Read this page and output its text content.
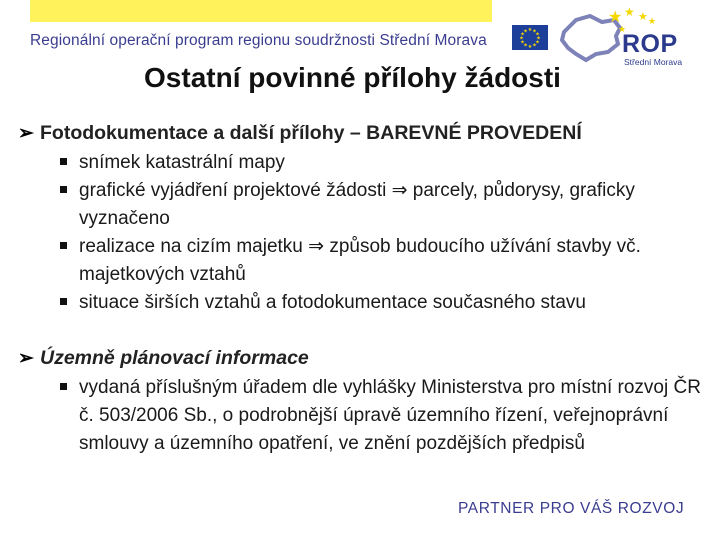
Regionální operační program regionu soudržnosti Střední Morava
★ ★
★
★
★
★
★
★
★
★
★
★
★ ★ ★ ★
★
ROP
Střední Morava
Ostatní povinné přílohy žádosti
➢ Fotodokumentace a další přílohy – BAREVNÉ PROVEDENÍ
snímek katastrální mapy
grafické vyjádření projektové žádosti ⇒ parcely, půdorysy, graficky vyznačeno
realizace na cizím majetku ⇒ způsob budoucího užívání stavby vč. majetkových vztahů
situace širších vztahů a fotodokumentace současného stavu
➢ Územně plánovací informace
vydaná příslušným úřadem dle vyhlášky Ministerstva pro místní rozvoj ČR č. 503/2006 Sb., o podrobnější úpravě územního řízení, veřejnoprávní smlouvy a územního opatření, ve znění pozdějších předpisů
PARTNER PRO VÁŠ ROZVOJ
